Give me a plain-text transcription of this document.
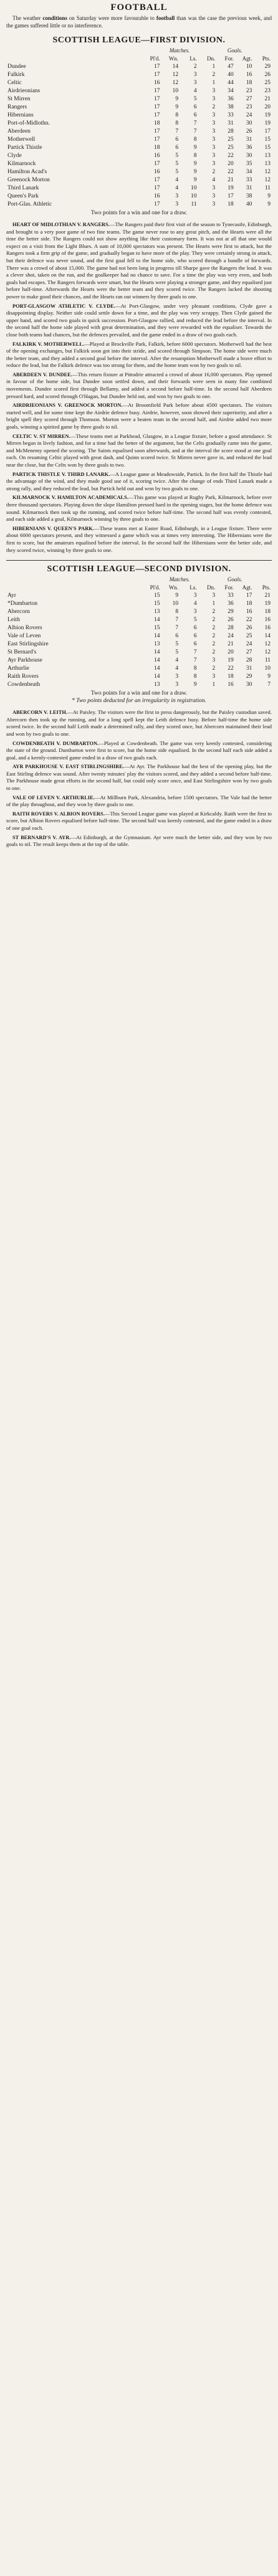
FOOTBALL

The weather conditions on Saturday were more favourable to football than was the case the previous week, and the games suffered little or no interference.

SCOTTISH LEAGUE—FIRST DIVISION.
	Matches.				Goals.		
	Pl'd.	Wn.	Ls.	Dn.	For.	Agt.	Pts.
Dundee	17	14	2	1	47	10	29
Falkirk	17	12	3	2	40	16	26
Celtic	16	12	3	1	44	18	25
Airdrieonians	17	10	4	3	34	23	23
St Mirren	17	9	5	3	36	27	21
Rangers	17	9	6	2	38	23	20
Hibernians	17	8	6	3	33	24	19
Port-of-Midlothn.	18	8	7	3	31	30	19
Aberdeen	17	7	7	3	28	26	17
Motherwell	17	6	8	3	25	31	15
Partick Thistle	18	6	9	3	25	36	15
Clyde	16	5	8	3	22	30	13
Kilmarnock	17	5	9	3	20	35	13
Hamilton Acad's	16	5	9	2	22	34	12
Greenock Morton	17	4	9	4	21	33	12
Third Lanark	17	4	10	3	19	31	11
Queen's Park	16	3	10	3	17	38	9
Port-Glas. Athletic	17	3	11	3	18	40	9

Two points for a win and one for a draw.

HEART OF MIDLOTHIAN V. RANGERS.—The Rangers paid their first visit of the season to Tynecastle, Edinburgh, and brought to a very poor game of two fine teams. The game never rose to any great pitch, and the Hearts were all the time the better side. The Rangers could not show anything like their customary form. It was not at all that one would expect on a visit from the Light Blues. A sum of 10,000 spectators was present. The Hearts were first to attack, but the Rangers took a firm grip of the game, and gradually began to have more of the play. They were certainly strong in attack, but their defence was never sound, and the first goal fell to the home side, who scored through a bundle of forwards. There was a crowd of about 15,000. The game had not been long in progress till Sharpe gave the Rangers the lead. It was a clever shot, taken on the run, and the goalkeeper had no chance to save. For a time the play was very even, and both goals had escapes. The Rangers forwards were smart, but the Hearts were playing a stronger game, and they equalised just before half-time. Afterwards the Hearts were the better team and they scored twice. The Rangers lacked the shooting power to make good their chances, and the Hearts ran out winners by three goals to one.

PORT-GLASGOW ATHLETIC V. CLYDE.—At Port-Glasgow, under very pleasant conditions, Clyde gave a disappointing display. Neither side could settle down for a time, and the play was very scrappy. Then Clyde gained the upper hand, and scored two goals in quick succession. Port-Glasgow rallied, and reduced the lead before the interval. In the second half the home side played with great determination, and they were rewarded with the equaliser. Towards the close both teams had chances, but the defences prevailed, and the game ended in a draw of two goals each.

FALKIRK V. MOTHERWELL.—Played at Brockville Park, Falkirk, before 6000 spectators. Motherwell had the best of the opening exchanges, but Falkirk soon got into their stride, and scored through Simpson. The home side were much the better team, and they added a second goal before the interval. After the resumption Motherwell made a brave effort to reduce the lead, but the Falkirk defence was too strong for them, and the home team won by two goals to nil.

ABERDEEN V. DUNDEE.—This return fixture at Pittodrie attracted a crowd of about 16,000 spectators. Play opened in favour of the home side, but Dundee soon settled down, and their forwards were seen in many fine combined movements. Dundee scored first through Bellamy, and added a second before half-time. In the second half Aberdeen pressed hard, and scored through O'Hagan, but Dundee held out, and won by two goals to one.

AIRDRIEONIANS V. GREENOCK MORTON.—At Broomfield Park before about 4500 spectators. The visitors started well, and for some time kept the Airdrie defence busy. Airdrie, however, soon showed their superiority, and after a bright spell they scored through Thomson. Morton were a beaten team in the second half, and Airdrie added two more goals, winning a spirited game by three goals to nil.

CELTIC V. ST MIRREN.—These teams met at Parkhead, Glasgow, in a League fixture, before a good attendance. St Mirren began in lively fashion, and for a time had the better of the argument, but the Celts gradually came into the game, and McMenemy opened the scoring. The Saints equalised soon afterwards, and at the interval the score stood at one goal each. On resuming Celtic played with great dash, and Quinn scored twice. St Mirren never gave in, and reduced the lead near the close, but the Celts won by three goals to two.

PARTICK THISTLE V. THIRD LANARK.—A League game at Meadowside, Partick. In the first half the Thistle had the advantage of the wind, and they made good use of it, scoring twice. After the change of ends Third Lanark made a strong rally, and they reduced the lead, but Partick held out and won by two goals to one.

KILMARNOCK V. HAMILTON ACADEMICALS.—This game was played at Rugby Park, Kilmarnock, before over three thousand spectators. Playing down the slope Hamilton pressed hard in the opening stages, but the home defence was sound. Kilmarnock then took up the running, and scored twice before half-time. The second half was evenly contested, and each side added a goal, Kilmarnock winning by three goals to one.

HIBERNIANS V. QUEEN'S PARK.—These teams met at Easter Road, Edinburgh, in a League fixture. There were about 6000 spectators present, and they witnessed a game which was at times very interesting. The Hibernians were the first to score, but the amateurs equalised before the interval. In the second half the Hibernians were the better side, and they scored twice, winning by three goals to one.

SCOTTISH LEAGUE—SECOND DIVISION.
	Matches.				Goals.		
	Pl'd.	Wn.	Ls.	Dn.	For.	Agt.	Pts.
Ayr	15	9	3	3	33	17	21
*Dumbarton	15	10	4	1	36	18	19
Abercorn	13	8	3	2	29	16	18
Leith	14	7	5	2	26	22	16
Albion Rovers	15	7	6	2	28	26	16
Vale of Leven	14	6	6	2	24	25	14
East Stirlingshire	13	5	6	2	21	24	12
St Bernard's	14	5	7	2	20	27	12
Ayr Parkhouse	14	4	7	3	19	28	11
Arthurlie	14	4	8	2	22	31	10
Raith Rovers	14	3	8	3	18	29	9
Cowdenbeath	13	3	9	1	16	30	7

Two points for a win and one for a draw.

* Two points deducted for an irregularity in registration.

ABERCORN V. LEITH.—At Paisley. The visitors were the first to press dangerously, but the Paisley custodian saved. Abercorn then took up the running, and for a long spell kept the Leith defence busy. Before half-time the home side scored twice. In the second half Leith made a determined rally, and they scored once, but Abercorn maintained their lead and won by two goals to one.

COWDENBEATH V. DUMBARTON.—Played at Cowdenbeath. The game was very keenly contested, considering the state of the ground. Dumbarton were first to score, but the home side equalised. In the second half each side added a goal, and a keenly-contested game ended in a draw of two goals each.

AYR PARKHOUSE V. EAST STIRLINGSHIRE.—At Ayr. The Parkhouse had the best of the opening play, but the East Stirling defence was sound. After twenty minutes' play the visitors scored, and they added a second before half-time. The Parkhouse made great efforts in the second half, but could only score once, and East Stirlingshire won by two goals to one.

VALE OF LEVEN V. ARTHURLIE.—At Millburn Park, Alexandria, before 1500 spectators. The Vale had the better of the play throughout, and they won by three goals to one.

RAITH ROVERS V. ALBION ROVERS.—This Second League game was played at Kirkcaldy. Raith were the first to score, but Albion Rovers equalised before half-time. The second half was keenly contested, and the game ended in a draw of one goal each.

ST BERNARD'S V. AYR.—At Edinburgh, at the Gymnasium. Ayr were much the better side, and they won by two goals to nil. The result keeps them at the top of the table.
